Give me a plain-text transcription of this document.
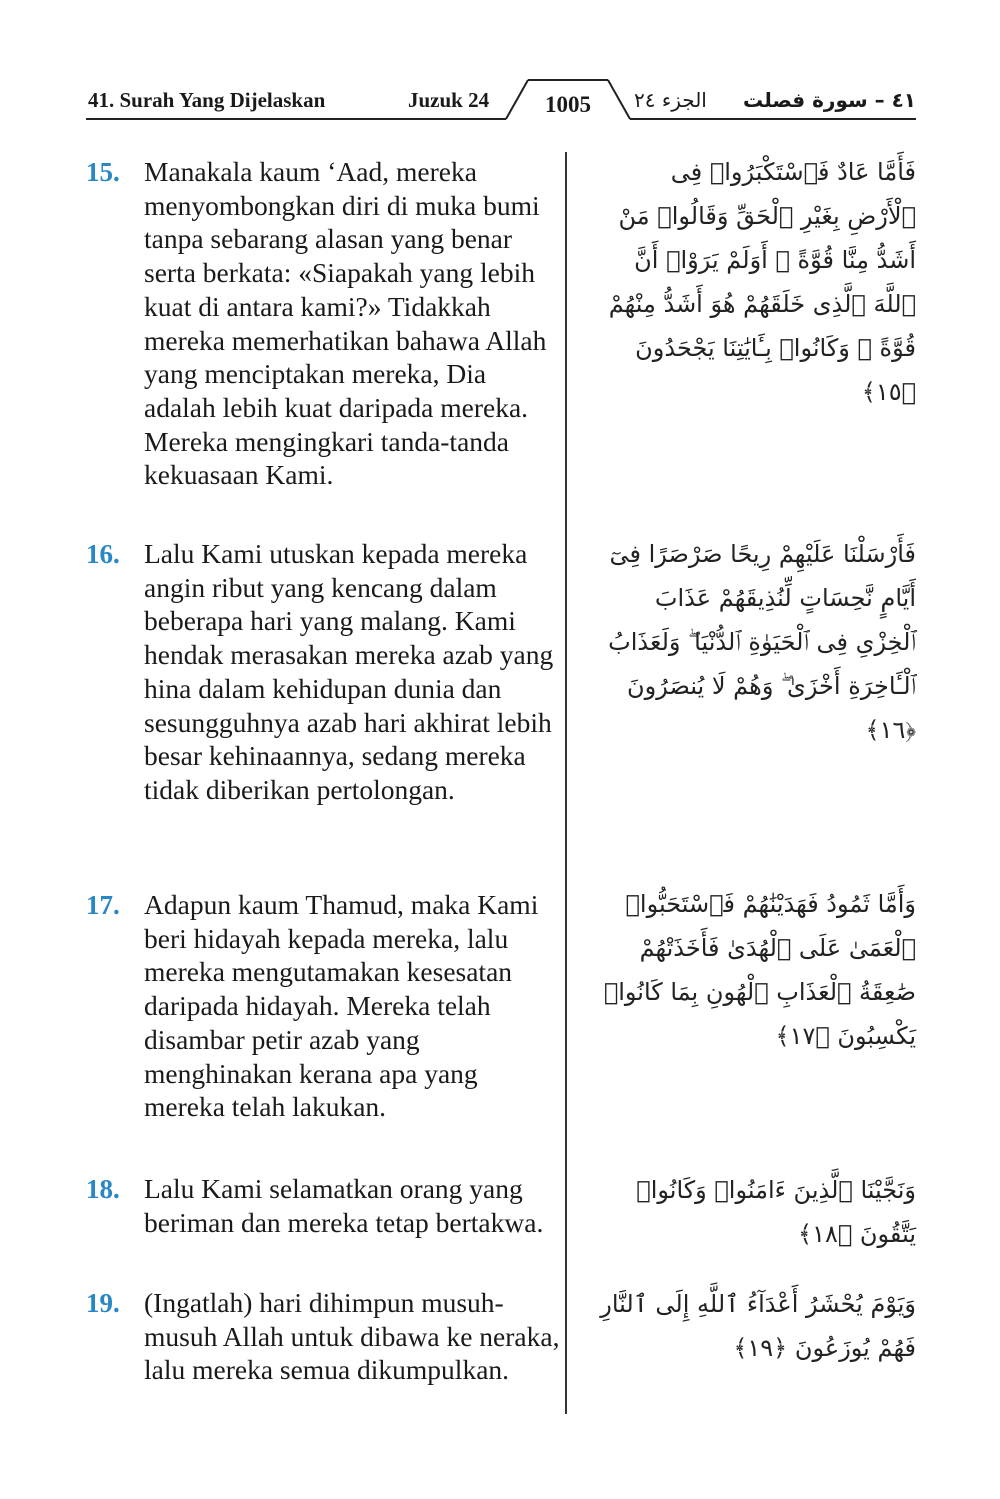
41. Surah Yang Dijelaskan	Juzuk 24	1005	الجزء ٢٤ ٤١ – سورة فصلت
15. Manakala kaum ‘Aad, mereka menyombongkan diri di muka bumi tanpa sebarang alasan yang benar serta berkata: «Siapakah yang lebih kuat di antara kami?» Tidakkah mereka memerhatikan bahawa Allah yang menciptakan mereka, Dia adalah lebih kuat daripada mereka. Mereka mengingkari tanda-tanda kekuasaan Kami.
فَأَمَّا عَادٌ فَٱسْتَكْبَرُوا۟ فِى ٱلْأَرْضِ بِغَيْرِ ٱلْحَقِّ وَقَالُوا۟ مَنْ أَشَدُّ مِنَّا قُوَّةً ۖ أَوَلَمْ يَرَوْا۟ أَنَّ ٱللَّهَ ٱلَّذِى خَلَقَهُمْ هُوَ أَشَدُّ مِنْهُمْ قُوَّةً ۖ وَكَانُوا۟ بِـَٔايَٰتِنَا يَجْحَدُونَ ﴿١٥﴾
16. Lalu Kami utuskan kepada mereka angin ribut yang kencang dalam beberapa hari yang malang. Kami hendak merasakan mereka azab yang hina dalam kehidupan dunia dan sesungguhnya azab hari akhirat lebih besar kehinaannya, sedang mereka tidak diberikan pertolongan.
فَأَرْسَلْنَا عَلَيْهِمْ رِيحًا صَرْصَرًا فِىٓ أَيَّامٍ نَّحِسَاتٍ لِّنُذِيقَهُمْ عَذَابَ ٱلْخِزْىِ فِى ٱلْحَيَوٰةِ ٱلدُّنْيَا ۖ وَلَعَذَابُ ٱلْـَٔاخِرَةِ أَخْزَىٰ ۖ وَهُمْ لَا يُنصَرُونَ ﴿١٦﴾
17. Adapun kaum Thamud, maka Kami beri hidayah kepada mereka, lalu mereka mengutamakan kesesatan daripada hidayah. Mereka telah disambar petir azab yang menghinakan kerana apa yang mereka telah lakukan.
وَأَمَّا ثَمُودُ فَهَدَيْنَٰهُمْ فَٱسْتَحَبُّوا۟ ٱلْعَمَىٰ عَلَى ٱلْهُدَىٰ فَأَخَذَتْهُمْ صَٰعِقَةُ ٱلْعَذَابِ ٱلْهُونِ بِمَا كَانُوا۟ يَكْسِبُونَ ﴿١٧﴾
18. Lalu Kami selamatkan orang yang beriman dan mereka tetap bertakwa.
وَنَجَّيْنَا ٱلَّذِينَ ءَامَنُوا۟ وَكَانُوا۟ يَتَّقُونَ ﴿١٨﴾
19. (Ingatlah) hari dihimpun musuh-musuh Allah untuk dibawa ke neraka, lalu mereka semua dikumpulkan.
وَيَوْمَ يُحْشَرُ أَعْدَآءُ ٱللَّهِ إِلَى ٱلنَّارِ فَهُمْ يُوزَعُونَ ﴿١٩﴾
